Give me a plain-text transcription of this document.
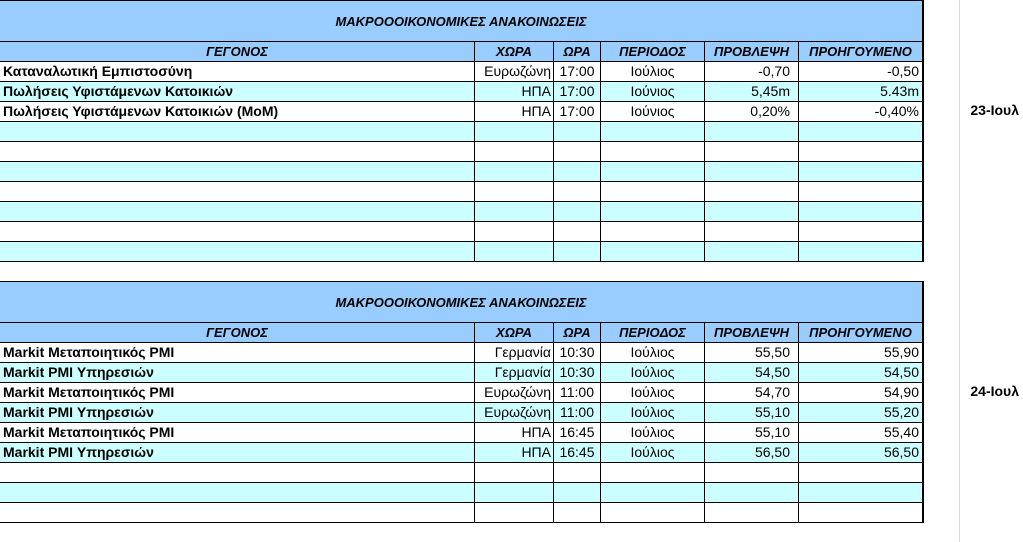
ΜΑΚΡΟΟΟΙΚΟΝΟΜΙΚΕΣ ΑΝΑΚΟΙΝΩΣΕΙΣ
ΓΕΓΟΝΟΣ	ΧΩΡΑ	ΩΡΑ	ΠΕΡΙΟΔΟΣ	ΠΡΟΒΛΕΨΗ	ΠΡΟΗΓΟΥΜΕΝΟ
Καταναλωτική Εμπιστοσύνη	Ευρωζώνη 17:00	Ιούλιος	-0,70	-0,50
Πωλήσεις Υφιστάμενων Κατοικιών	ΗΠΑ 17:00	Ιούνιος	5,45m	5.43m
Πωλήσεις Υφιστάμενων Κατοικιών (MoM)	ΗΠΑ 17:00	Ιούνιος	0,20%	-0,40%	23-Ιουλ
ΜΑΚΡΟΟΟΙΚΟΝΟΜΙΚΕΣ ΑΝΑΚΟΙΝΩΣΕΙΣ
ΓΕΓΟΝΟΣ	ΧΩΡΑ	ΩΡΑ	ΠΕΡΙΟΔΟΣ	ΠΡΟΒΛΕΨΗ	ΠΡΟΗΓΟΥΜΕΝΟ
Markit Μεταποιητικός PMI	Γερμανία 10:30	Ιούλιος	55,50	55,90
Markit PMI Υπηρεσιών	Γερμανία 10:30	Ιούλιος	54,50	54,50
Markit Μεταποιητικός PMI	Ευρωζώνη 11:00	Ιούλιος	54,70	54,90
Markit PMI Υπηρεσιών	Ευρωζώνη 11:00	Ιούλιος	55,10	55,20
Markit Μεταποιητικός PMI	ΗΠΑ 16:45	Ιούλιος	55,10	55,40
Markit PMI Υπηρεσιών	ΗΠΑ 16:45	Ιούλιος	56,50	56,50
24-Ιουλ
